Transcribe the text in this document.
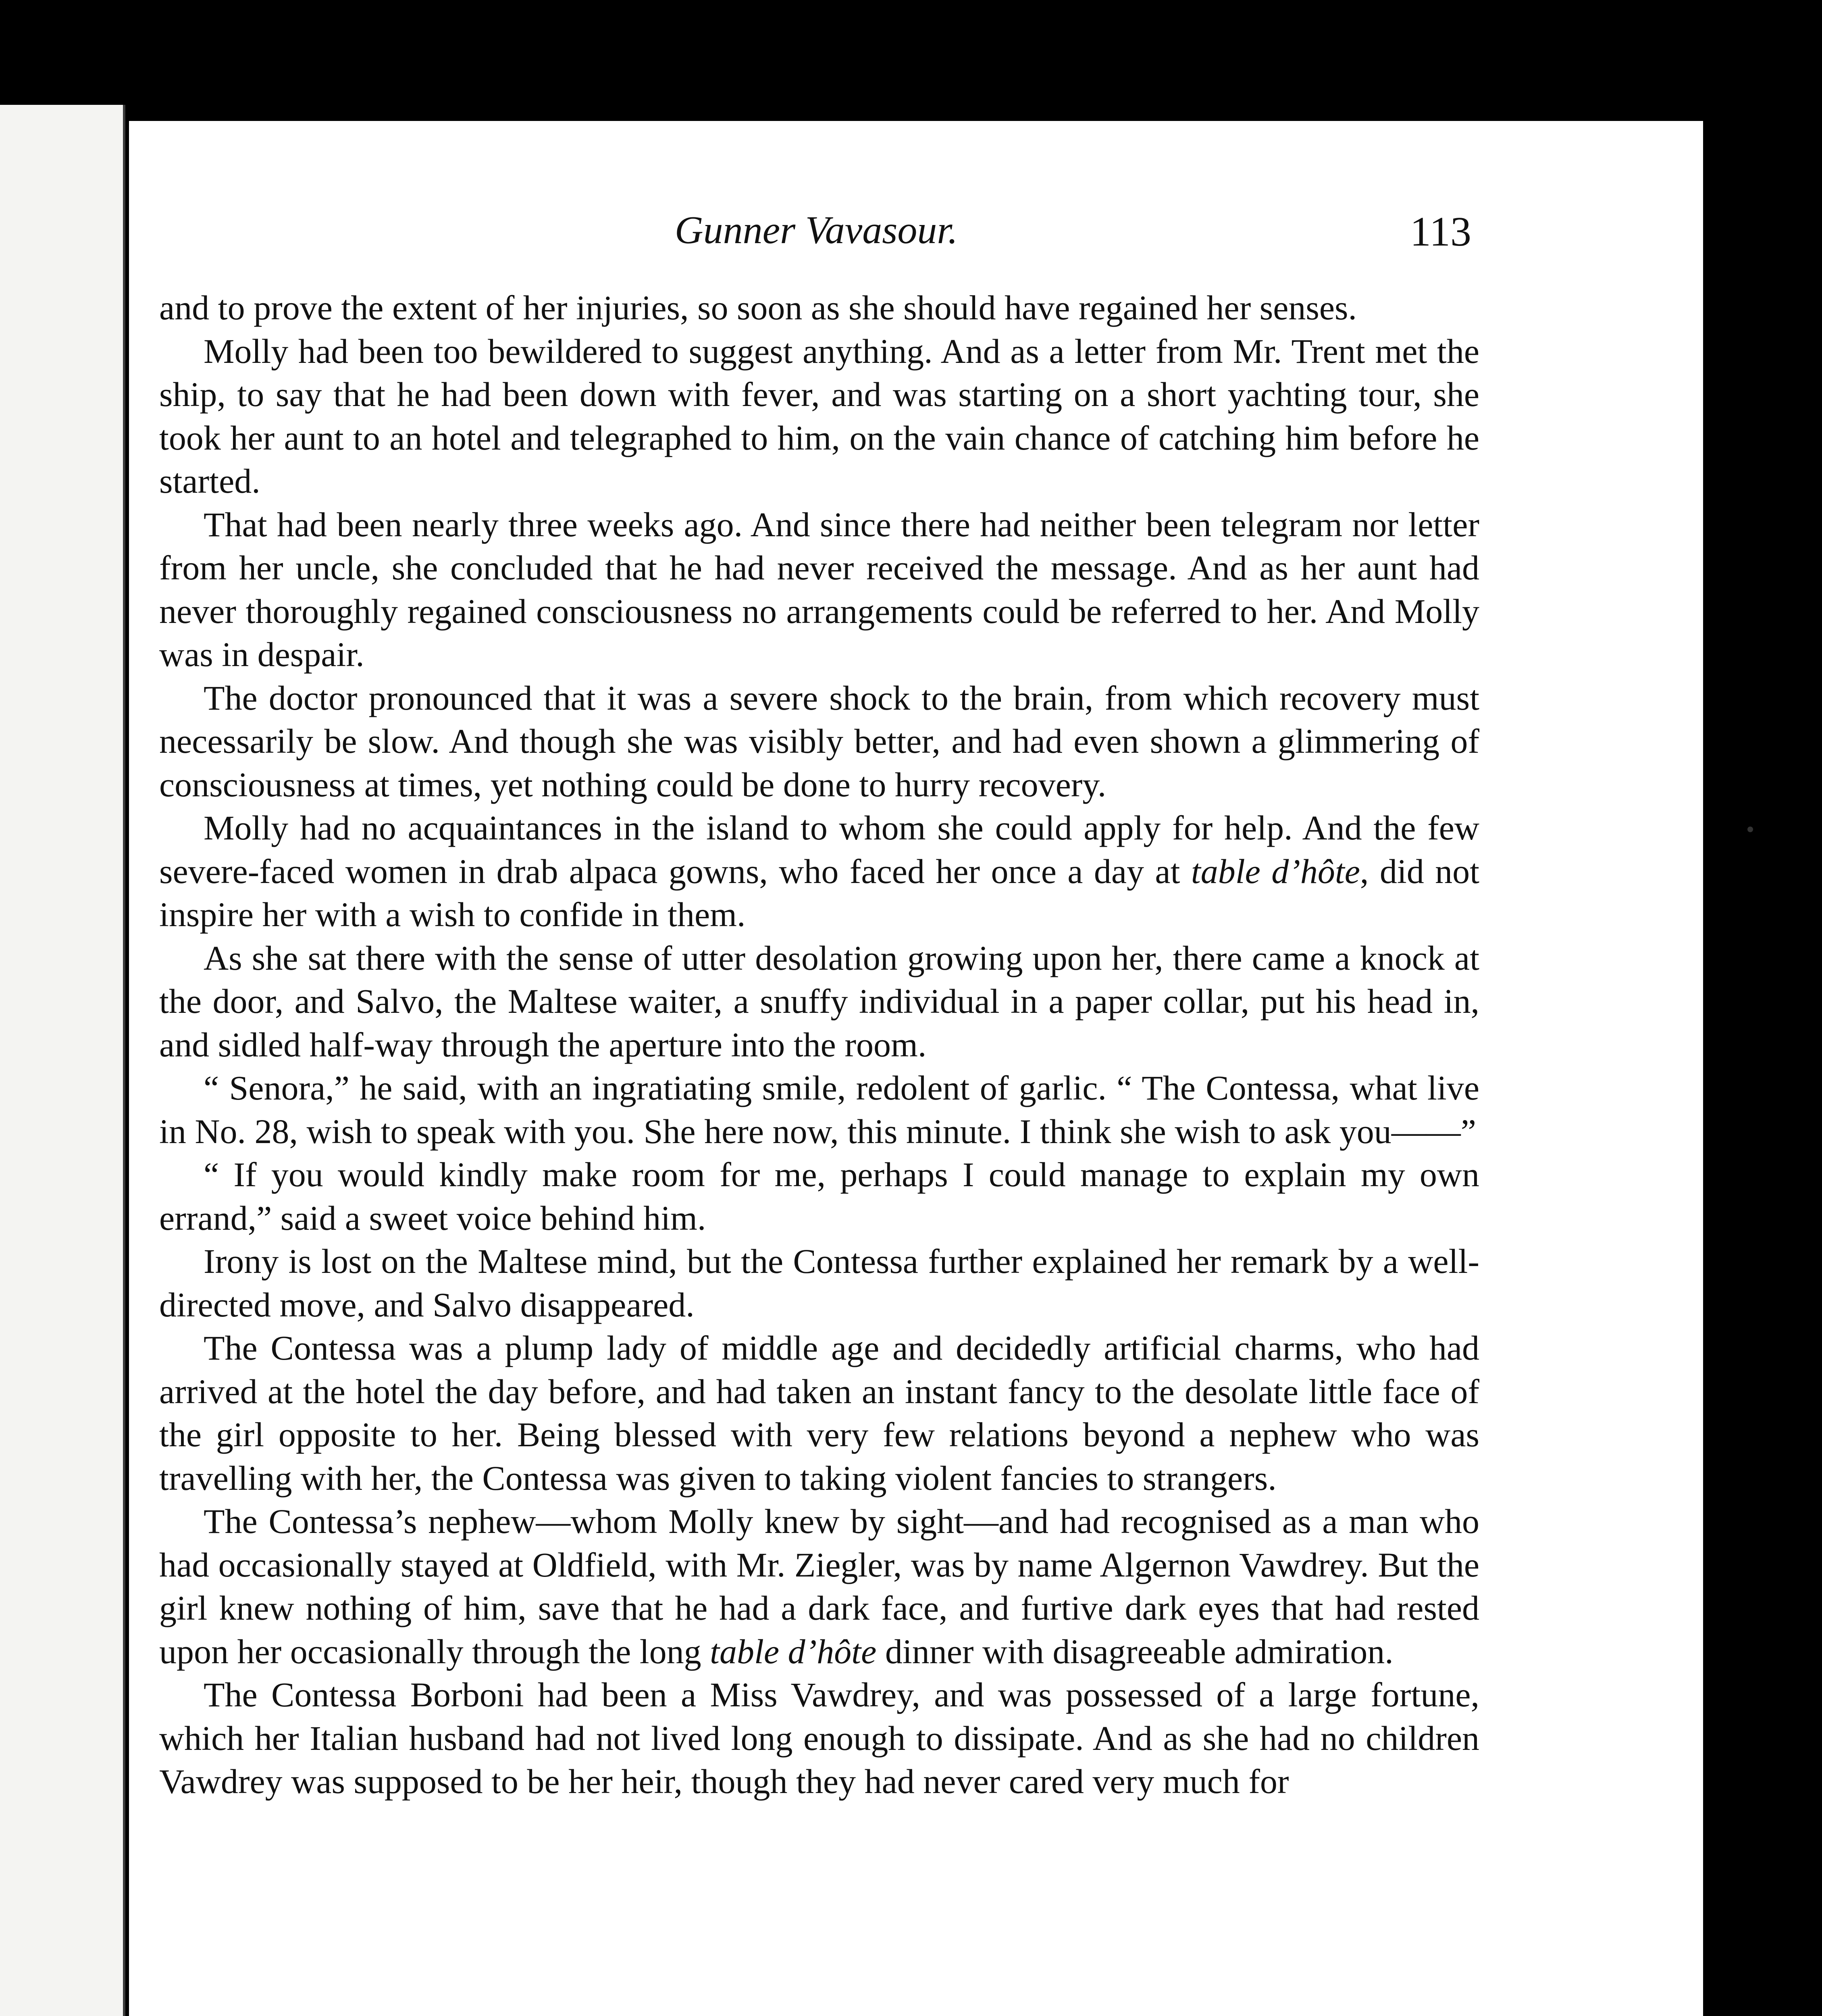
Gunner Vavasour.	113

and to prove the extent of her injuries, so soon as she should have regained her senses.

Molly had been too bewildered to suggest anything. And as a letter from Mr. Trent met the ship, to say that he had been down with fever, and was starting on a short yachting tour, she took her aunt to an hotel and telegraphed to him, on the vain chance of catching him before he started.

That had been nearly three weeks ago. And since there had neither been telegram nor letter from her uncle, she concluded that he had never received the message. And as her aunt had never thoroughly regained consciousness no arrangements could be referred to her. And Molly was in despair.

The doctor pronounced that it was a severe shock to the brain, from which recovery must necessarily be slow. And though she was visibly better, and had even shown a glimmering of consciousness at times, yet nothing could be done to hurry recovery.

Molly had no acquaintances in the island to whom she could apply for help. And the few severe-faced women in drab alpaca gowns, who faced her once a day at table d’hôte, did not inspire her with a wish to confide in them.

As she sat there with the sense of utter desolation growing upon her, there came a knock at the door, and Salvo, the Maltese waiter, a snuffy individual in a paper collar, put his head in, and sidled half-way through the aperture into the room.

“ Senora,” he said, with an ingratiating smile, redolent of garlic. “ The Contessa, what live in No. 28, wish to speak with you. She here now, this minute. I think she wish to ask you——”

“ If you would kindly make room for me, perhaps I could manage to explain my own errand,” said a sweet voice behind him.

Irony is lost on the Maltese mind, but the Contessa further explained her remark by a well-directed move, and Salvo disappeared.

The Contessa was a plump lady of middle age and decidedly artificial charms, who had arrived at the hotel the day before, and had taken an instant fancy to the desolate little face of the girl opposite to her. Being blessed with very few relations beyond a nephew who was travelling with her, the Contessa was given to taking violent fancies to strangers.

The Contessa’s nephew—whom Molly knew by sight—and had recognised as a man who had occasionally stayed at Oldfield, with Mr. Ziegler, was by name Algernon Vawdrey. But the girl knew nothing of him, save that he had a dark face, and furtive dark eyes that had rested upon her occasionally through the long table d’hôte dinner with disagreeable admiration.

The Contessa Borboni had been a Miss Vawdrey, and was possessed of a large fortune, which her Italian husband had not lived long enough to dissipate. And as she had no children Vawdrey was supposed to be her heir, though they had never cared very much for
